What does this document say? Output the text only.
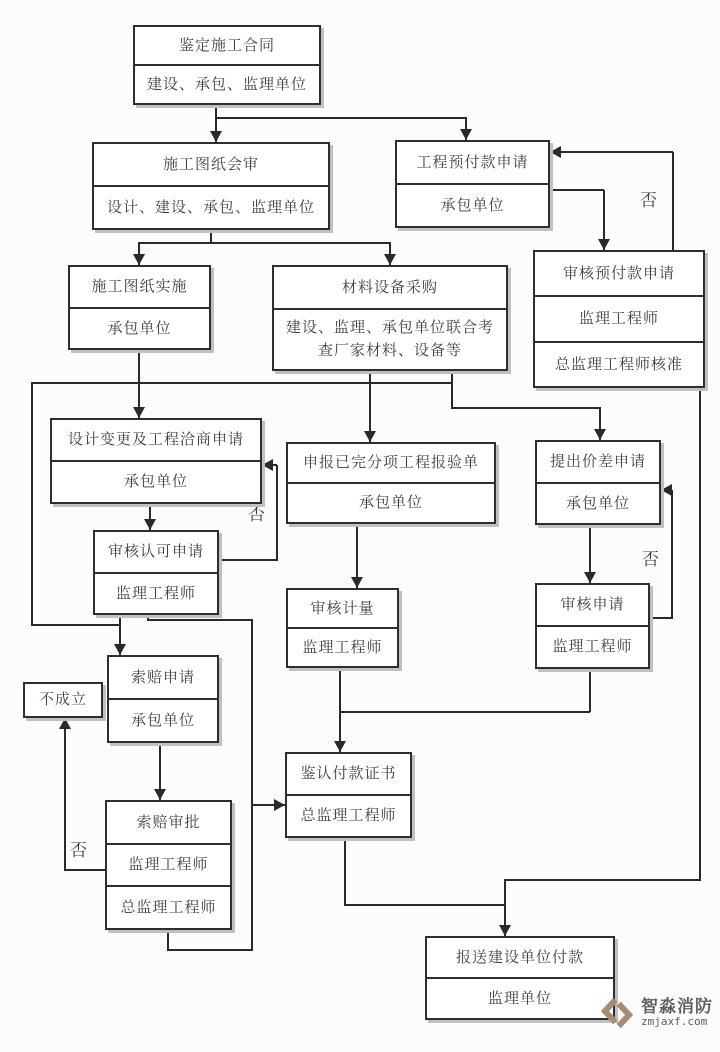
否
否
否
否
鉴定施工合同
建设、承包、监理单位
施工图纸会审
设计、建设、承包、监理单位
工程预付款申请
承包单位
审核预付款申请
监理工程师
总监理工程师核准
施工图纸实施
承包单位
材料设备采购
建设、监理、承包单位联合考查厂家材料、设备等
设计变更及工程洽商申请
承包单位
申报已完分项工程报验单
承包单位
提出价差申请
承包单位
审核认可申请
监理工程师
审核计量
监理工程师
审核申请
监理工程师
索赔申请
承包单位
不成立
鉴认付款证书
总监理工程师
索赔审批
监理工程师
总监理工程师
报送建设单位付款
监理单位	智淼消防
zmjaxf.com
